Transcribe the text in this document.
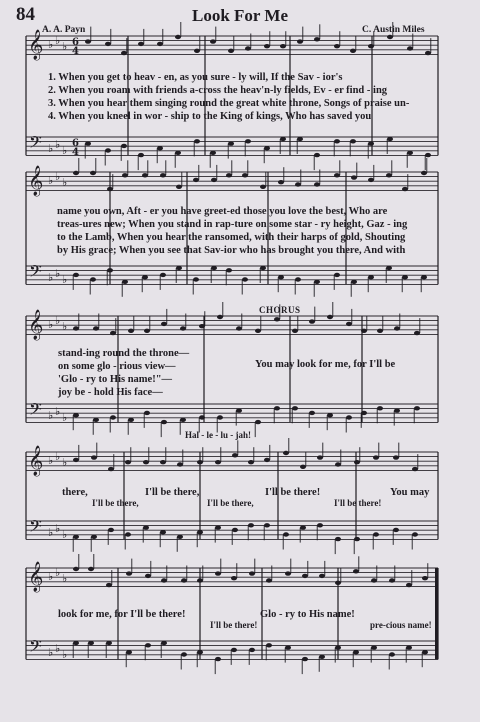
84	Look For Me
A. A. Payn	C. Austin Miles
𝄞
𝄢
♭
♭
♭
♭
♭
♭
6
4
6
4
𝄞
𝄢
♭
♭
♭
♭
♭
♭
𝄞
𝄢
♭
♭
♭
♭
♭
♭
𝄞
𝄢
♭
♭
♭
♭
♭
♭
𝄞
𝄢
♭
♭
♭
♭
♭
♭
1. When you get to heav - en, as you sure - ly will, If the Sav - ior's
2. When you roam with friends a-cross the heav'n-ly fields, Ev - er find - ing
3. When you hear them singing round the great white throne, Songs of praise un-
4. When you kneel in wor - ship to the King of kings, Who has saved you
name you own, Aft - er you have greet-ed those you love the best, Who are
treas-ures new; When you stand in rap-ture on some star - ry height, Gaz - ing
to the Lamb, When you hear the ransomed, with their harps of gold, Shouting
by His grace; When you see that Sav-ior who has brought you there, And with
CHORUS
stand-ing round the throne—
on some glo - rious view—
'Glo - ry to His name!"—
joy be - hold His face—
You may look for me, for I'll be
Hal - le - lu - jah!
there,	I'll be there,	I'll be there!	You may
I'll be there,	I'll be there,	I'll be there!
look for me, for I'll be there!	Glo - ry to His name!
I'll be there!	pre-cious name!
